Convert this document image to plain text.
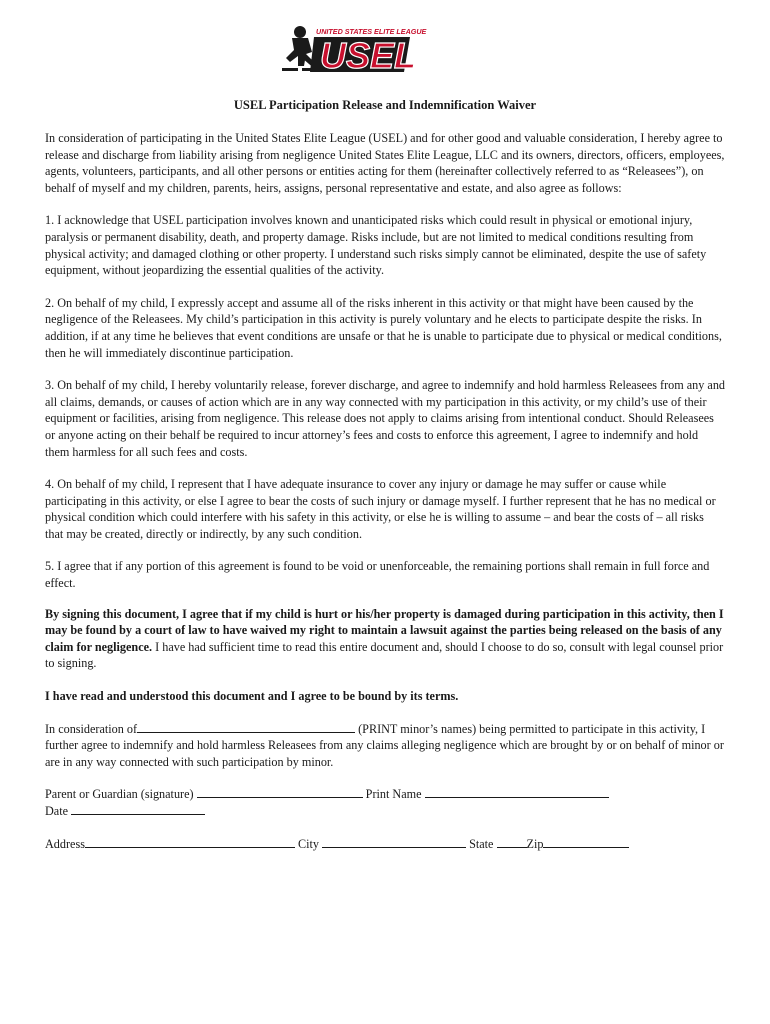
UNITED STATES ELITE LEAGUE
USEL
USEL Participation Release and Indemnification Waiver

In consideration of participating in the United States Elite League (USEL) and for other good and valuable consideration, I hereby agree to release and discharge from liability arising from negligence United States Elite League, LLC and its owners, directors, officers, employees, agents, volunteers, participants, and all other persons or entities acting for them (hereinafter collectively referred to as “Releasees”), on behalf of myself and my children, parents, heirs, assigns, personal representative and estate, and also agree as follows:

1. I acknowledge that USEL participation involves known and unanticipated risks which could result in physical or emotional injury, paralysis or permanent disability, death, and property damage. Risks include, but are not limited to medical conditions resulting from physical activity; and damaged clothing or other property. I understand such risks simply cannot be eliminated, despite the use of safety equipment, without jeopardizing the essential qualities of the activity.

2. On behalf of my child, I expressly accept and assume all of the risks inherent in this activity or that might have been caused by the negligence of the Releasees. My child’s participation in this activity is purely voluntary and he elects to participate despite the risks. In addition, if at any time he believes that event conditions are unsafe or that he is unable to participate due to physical or medical conditions, then he will immediately discontinue participation.

3. On behalf of my child, I hereby voluntarily release, forever discharge, and agree to indemnify and hold harmless Releasees from any and all claims, demands, or causes of action which are in any way connected with my participation in this activity, or my child’s use of their equipment or facilities, arising from negligence. This release does not apply to claims arising from intentional conduct. Should Releasees or anyone acting on their behalf be required to incur attorney’s fees and costs to enforce this agreement, I agree to indemnify and hold them harmless for all such fees and costs.

4. On behalf of my child, I represent that I have adequate insurance to cover any injury or damage he may suffer or cause while participating in this activity, or else I agree to bear the costs of such injury or damage myself. I further represent that he has no medical or physical condition which could interfere with his safety in this activity, or else he is willing to assume – and bear the costs of – all risks that may be created, directly or indirectly, by any such condition.

5. I agree that if any portion of this agreement is found to be void or unenforceable, the remaining portions shall remain in full force and effect.

By signing this document, I agree that if my child is hurt or his/her property is damaged during participation in this activity, then I may be found by a court of law to have waived my right to maintain a lawsuit against the parties being released on the basis of any claim for negligence. I have had sufficient time to read this entire document and, should I choose to do so, consult with legal counsel prior to signing.

I have read and understood this document and I agree to be bound by its terms.

In consideration of	(PRINT minor’s names) being permitted to participate in this activity, I further agree to indemnify and hold harmless Releasees from any claims alleging negligence which are brought by or on behalf of minor or are in any way connected with such participation by minor.

Parent or Guardian (signature)	Print Name

Date

Address	City	State	Zip
